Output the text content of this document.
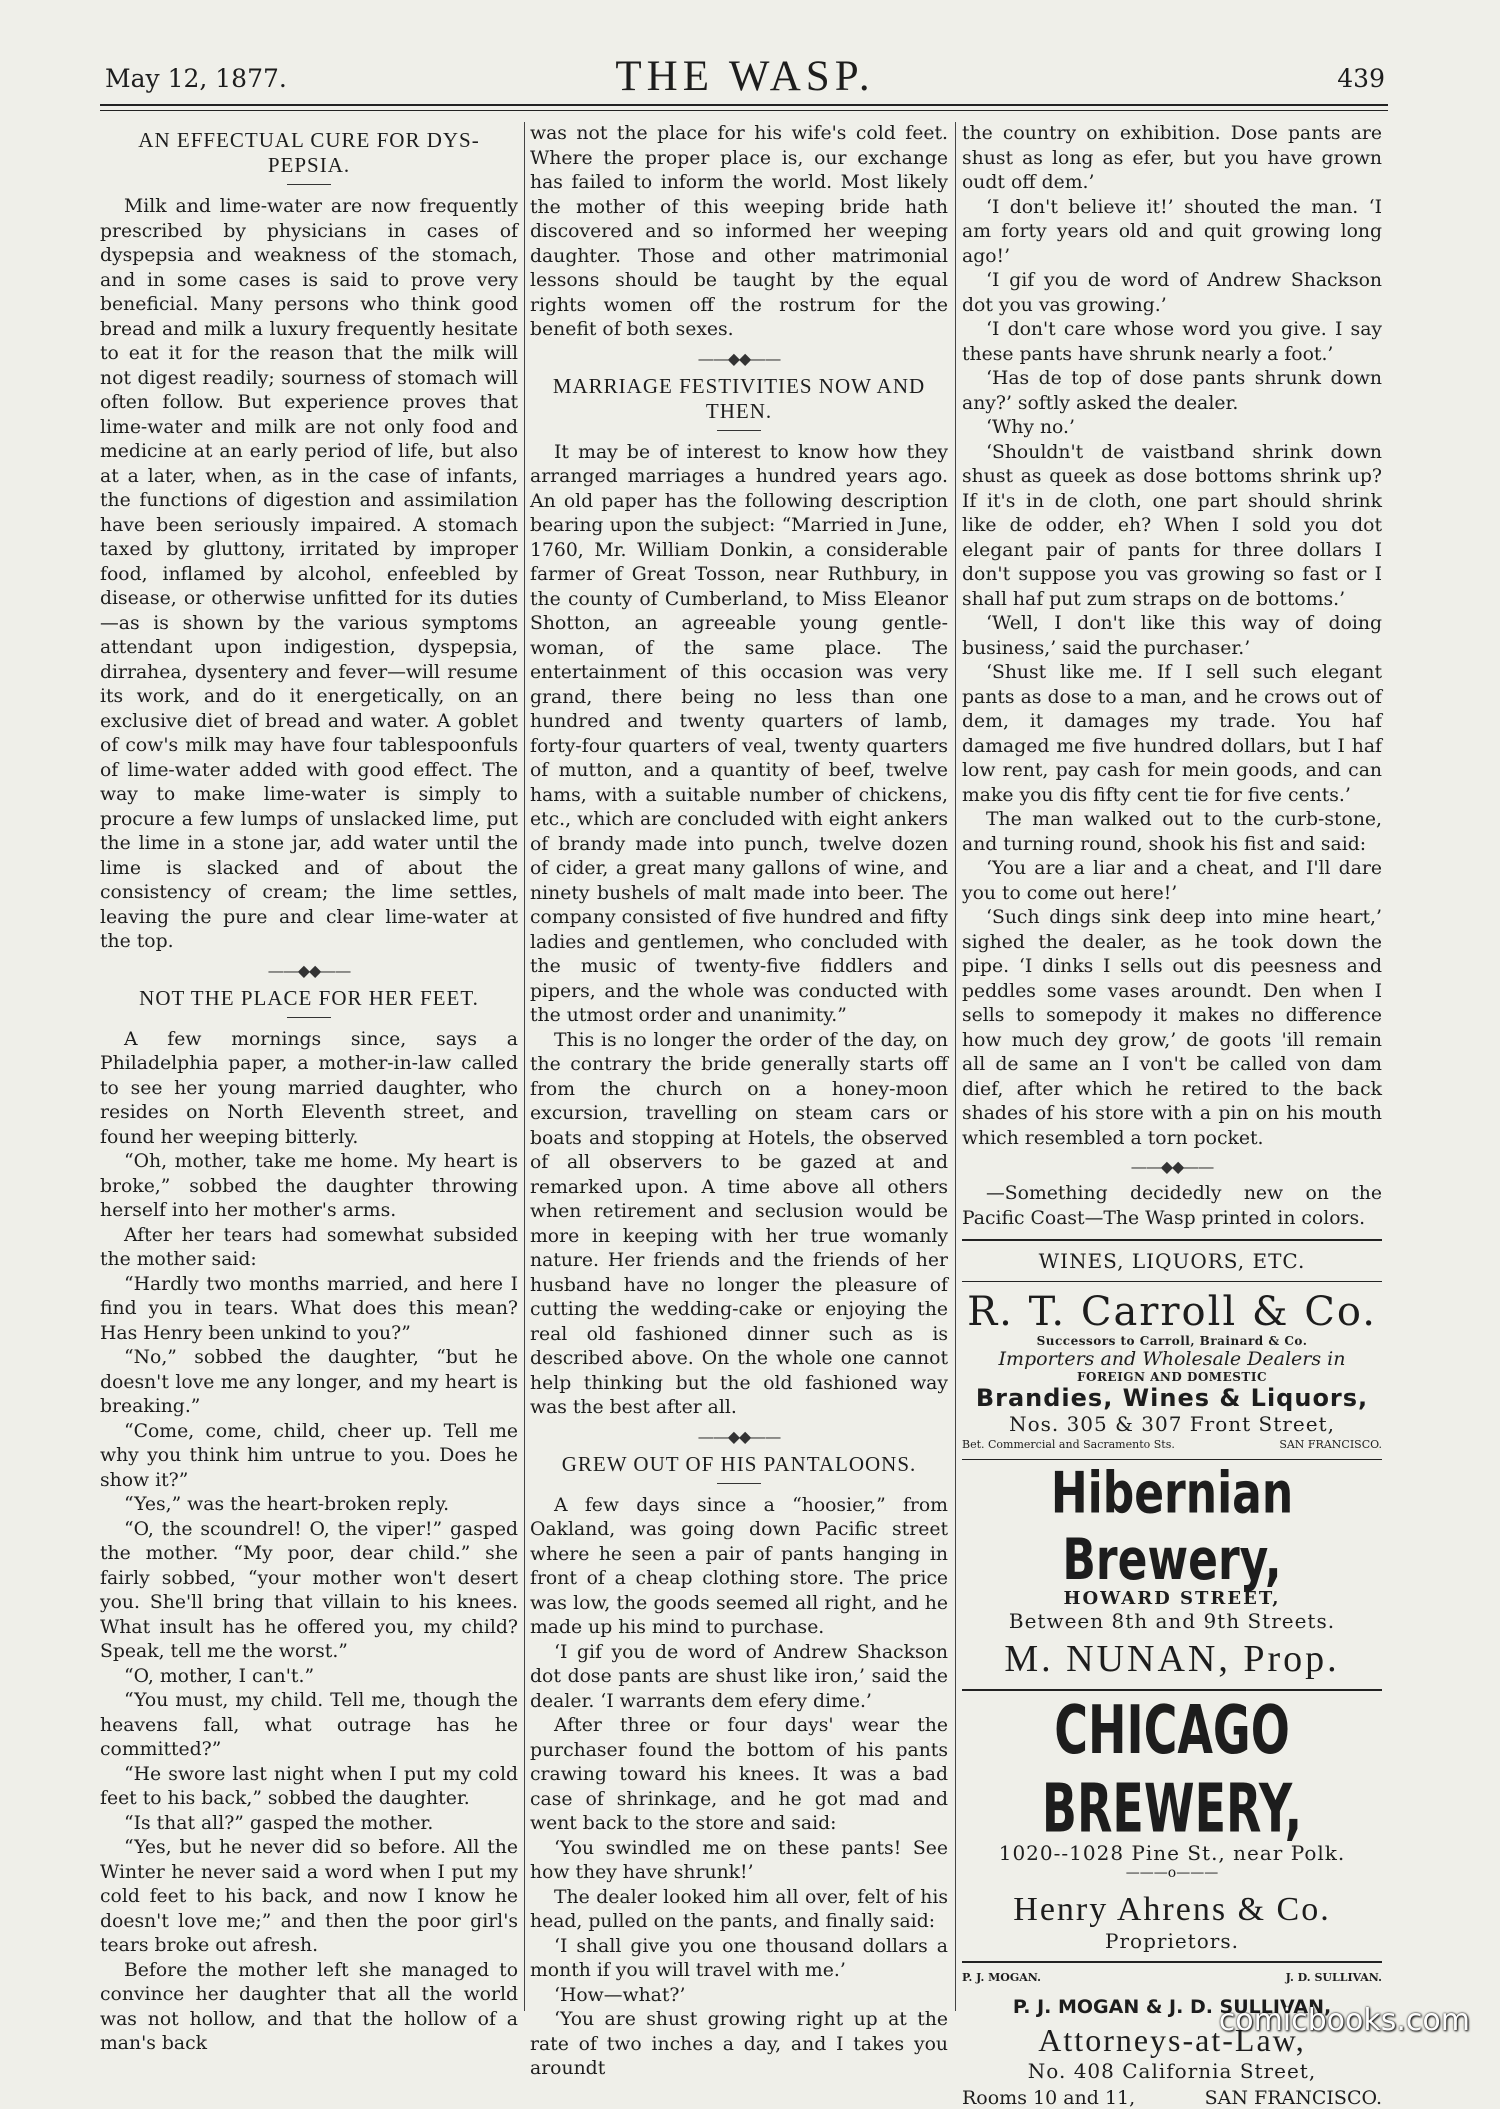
May 12, 1877.	THE WASP.	439
AN EFFECTUAL CURE FOR DYS-PEPSIA.

Milk and lime-water are now frequently prescribed by physicians in cases of dyspepsia and weakness of the stomach, and in some cases is said to prove very beneficial. Many persons who think good bread and milk a luxury frequently hesitate to eat it for the reason that the milk will not digest readily; sourness of stomach will often follow. But experience proves that lime-water and milk are not only food and medicine at an early period of life, but also at a later, when, as in the case of infants, the functions of digestion and assimilation have been seriously impaired. A stomach taxed by gluttony, irritated by improper food, inflamed by alcohol, enfeebled by disease, or otherwise unfitted for its duties—as is shown by the various symptoms attendant upon indigestion, dyspepsia, dirrahea, dysentery and fever—will resume its work, and do it energetically, on an exclusive diet of bread and water. A goblet of cow's milk may have four tablespoonfuls of lime-water added with good effect. The way to make lime-water is simply to procure a few lumps of unslacked lime, put the lime in a stone jar, add water until the lime is slacked and of about the consistency of cream; the lime settles, leaving the pure and clear lime-water at the top.

——◆◆——
NOT THE PLACE FOR HER FEET.

A few mornings since, says a Philadelphia paper, a mother-in-law called to see her young married daughter, who resides on North Eleventh street, and found her weeping bitterly.

“Oh, mother, take me home. My heart is broke,” sobbed the daughter throwing herself into her mother's arms.

After her tears had somewhat subsided the mother said:

“Hardly two months married, and here I find you in tears. What does this mean? Has Henry been unkind to you?”

“No,” sobbed the daughter, “but he doesn't love me any longer, and my heart is breaking.”

“Come, come, child, cheer up. Tell me why you think him untrue to you. Does he show it?”

“Yes,” was the heart-broken reply.

“O, the scoundrel! O, the viper!” gasped the mother. “My poor, dear child.” she fairly sobbed, “your mother won't desert you. She'll bring that villain to his knees. What insult has he offered you, my child? Speak, tell me the worst.”

“O, mother, I can't.”

“You must, my child. Tell me, though the heavens fall, what outrage has he committed?”

“He swore last night when I put my cold feet to his back,” sobbed the daughter.

“Is that all?” gasped the mother.

“Yes, but he never did so before. All the Winter he never said a word when I put my cold feet to his back, and now I know he doesn't love me;” and then the poor girl's tears broke out afresh.

Before the mother left she managed to convince her daughter that all the world was not hollow, and that the hollow of a man's back

was not the place for his wife's cold feet. Where the proper place is, our exchange has failed to inform the world. Most likely the mother of this weeping bride hath discovered and so informed her weeping daughter. Those and other matrimonial lessons should be taught by the equal rights women off the rostrum for the benefit of both sexes.

——◆◆——
MARRIAGE FESTIVITIES NOW AND THEN.

It may be of interest to know how they arranged marriages a hundred years ago. An old paper has the following description bearing upon the subject: “Married in June, 1760, Mr. William Donkin, a considerable farmer of Great Tosson, near Ruthbury, in the county of Cumberland, to Miss Eleanor Shotton, an agreeable young gentle-woman, of the same place. The entertainment of this occasion was very grand, there being no less than one hundred and twenty quarters of lamb, forty-four quarters of veal, twenty quarters of mutton, and a quantity of beef, twelve hams, with a suitable number of chickens, etc., which are concluded with eight ankers of brandy made into punch, twelve dozen of cider, a great many gallons of wine, and ninety bushels of malt made into beer. The company consisted of five hundred and fifty ladies and gentlemen, who concluded with the music of twenty-five fiddlers and pipers, and the whole was conducted with the utmost order and unanimity.”

This is no longer the order of the day, on the contrary the bride generally starts off from the church on a honey-moon excursion, travelling on steam cars or boats and stopping at Hotels, the observed of all observers to be gazed at and remarked upon. A time above all others when retirement and seclusion would be more in keeping with her true womanly nature. Her friends and the friends of her husband have no longer the pleasure of cutting the wedding-cake or enjoying the real old fashioned dinner such as is described above. On the whole one cannot help thinking but the old fashioned way was the best after all.

——◆◆——
GREW OUT OF HIS PANTALOONS.

A few days since a “hoosier,” from Oakland, was going down Pacific street where he seen a pair of pants hanging in front of a cheap clothing store. The price was low, the goods seemed all right, and he made up his mind to purchase.

‘I gif you de word of Andrew Shackson dot dose pants are shust like iron,’ said the dealer. ‘I warrants dem efery dime.’

After three or four days' wear the purchaser found the bottom of his pants crawing toward his knees. It was a bad case of shrinkage, and he got mad and went back to the store and said:

‘You swindled me on these pants! See how they have shrunk!’

The dealer looked him all over, felt of his head, pulled on the pants, and finally said:

‘I shall give you one thousand dollars a month if you will travel with me.’

‘How—what?’

‘You are shust growing right up at the rate of two inches a day, and I takes you aroundt

the country on exhibition. Dose pants are shust as long as efer, but you have grown oudt off dem.’

‘I don't believe it!’ shouted the man. ‘I am forty years old and quit growing long ago!’

‘I gif you de word of Andrew Shackson dot you vas growing.’

‘I don't care whose word you give. I say these pants have shrunk nearly a foot.’

‘Has de top of dose pants shrunk down any?’ softly asked the dealer.

‘Why no.’

‘Shouldn't de vaistband shrink down shust as queek as dose bottoms shrink up? If it's in de cloth, one part should shrink like de odder, eh? When I sold you dot elegant pair of pants for three dollars I don't suppose you vas growing so fast or I shall haf put zum straps on de bottoms.’

‘Well, I don't like this way of doing business,’ said the purchaser.’

‘Shust like me. If I sell such elegant pants as dose to a man, and he crows out of dem, it damages my trade. You haf damaged me five hundred dollars, but I haf low rent, pay cash for mein goods, and can make you dis fifty cent tie for five cents.’

The man walked out to the curb-stone, and turning round, shook his fist and said:

‘You are a liar and a cheat, and I'll dare you to come out here!’

‘Such dings sink deep into mine heart,’ sighed the dealer, as he took down the pipe. ‘I dinks I sells out dis peesness and peddles some vases aroundt. Den when I sells to somepody it makes no difference how much dey grow,’ de goots 'ill remain all de same an I von't be called von dam dief, after which he retired to the back shades of his store with a pin on his mouth which resembled a torn pocket.

——◆◆——

—Something decidedly new on the Pacific Coast—The Wasp printed in colors.

WINES, LIQUORS, ETC.
R. T. Carroll & Co.
Successors to Carroll, Brainard & Co.
Importers and Wholesale Dealers in
FOREIGN AND DOMESTIC
Brandies, Wines & Liquors,
Nos. 305 & 307 Front Street,
Bet. Commercial and Sacramento Sts.	SAN FRANCISCO.
Hibernian Brewery,
HOWARD STREET,
Between 8th and 9th Streets.
M. NUNAN, Prop.
CHICAGO BREWERY,
1020--1028 Pine St., near Polk.
———o———
Henry Ahrens & Co.
Proprietors.
P. J. MOGAN.	J. D. SULLIVAN.
P. J. MOGAN & J. D. SULLIVAN,
Attorneys-at-Law,
No. 408 California Street,
Rooms 10 and 11,	SAN FRANCISCO.
comicbooks.com
